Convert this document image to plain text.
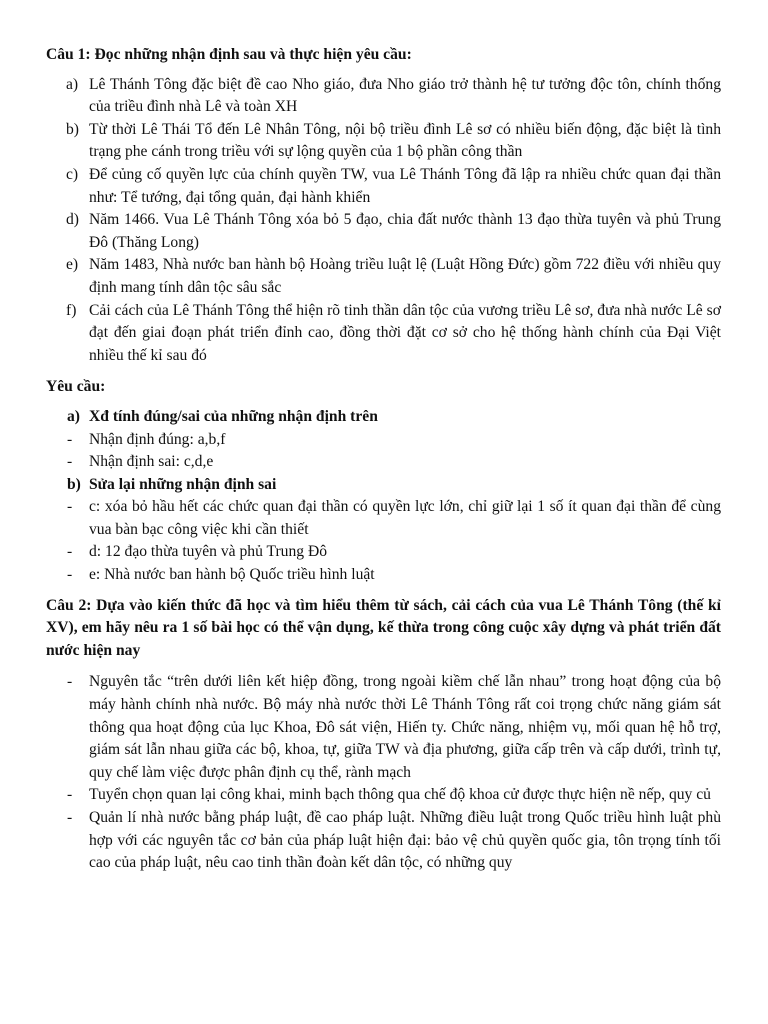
Câu 1: Đọc những nhận định sau và thực hiện yêu cầu:

a) Lê Thánh Tông đặc biệt đề cao Nho giáo, đưa Nho giáo trở thành hệ tư tưởng độc tôn, chính thống của triều đình nhà Lê và toàn XH
b) Từ thời Lê Thái Tổ đến Lê Nhân Tông, nội bộ triều đình Lê sơ có nhiều biến động, đặc biệt là tình trạng phe cánh trong triều với sự lộng quyền của 1 bộ phần công thần
c) Để củng cố quyền lực của chính quyền TW, vua Lê Thánh Tông đã lập ra nhiều chức quan đại thần như: Tể tướng, đại tổng quản, đại hành khiển
d) Năm 1466. Vua Lê Thánh Tông xóa bỏ 5 đạo, chia đất nước thành 13 đạo thừa tuyên và phủ Trung Đô (Thăng Long)
e) Năm 1483, Nhà nước ban hành bộ Hoàng triều luật lệ (Luật Hồng Đức) gồm 722 điều với nhiều quy định mang tính dân tộc sâu sắc
f) Cải cách của Lê Thánh Tông thể hiện rõ tinh thần dân tộc của vương triều Lê sơ, đưa nhà nước Lê sơ đạt đến giai đoạn phát triển đỉnh cao, đồng thời đặt cơ sở cho hệ thống hành chính của Đại Việt nhiều thế kỉ sau đó

Yêu cầu:

a) Xđ tính đúng/sai của những nhận định trên
- Nhận định đúng: a,b,f
- Nhận định sai: c,d,e
b) Sửa lại những nhận định sai
- c: xóa bỏ hầu hết các chức quan đại thần có quyền lực lớn, chỉ giữ lại 1 số ít quan đại thần để cùng vua bàn bạc công việc khi cần thiết
- d: 12 đạo thừa tuyên và phủ Trung Đô
- e: Nhà nước ban hành bộ Quốc triều hình luật

Câu 2: Dựa vào kiến thức đã học và tìm hiểu thêm từ sách, cải cách của vua Lê Thánh Tông (thế kỉ XV), em hãy nêu ra 1 số bài học có thể vận dụng, kế thừa trong công cuộc xây dựng và phát triển đất nước hiện nay

- Nguyên tắc “trên dưới liên kết hiệp đồng, trong ngoài kiềm chế lẫn nhau” trong hoạt động của bộ máy hành chính nhà nước. Bộ máy nhà nước thời Lê Thánh Tông rất coi trọng chức năng giám sát thông qua hoạt động của lục Khoa, Đô sát viện, Hiến ty. Chức năng, nhiệm vụ, mối quan hệ hỗ trợ, giám sát lẫn nhau giữa các bộ, khoa, tự, giữa TW và địa phương, giữa cấp trên và cấp dưới, trình tự, quy chế làm việc được phân định cụ thể, rành mạch
- Tuyển chọn quan lại công khai, minh bạch thông qua chế độ khoa cử được thực hiện nề nếp, quy củ
- Quản lí nhà nước bằng pháp luật, đề cao pháp luật. Những điều luật trong Quốc triều hình luật phù hợp với các nguyên tắc cơ bản của pháp luật hiện đại: bảo vệ chủ quyền quốc gia, tôn trọng tính tối cao của pháp luật, nêu cao tinh thần đoàn kết dân tộc, có những quy
